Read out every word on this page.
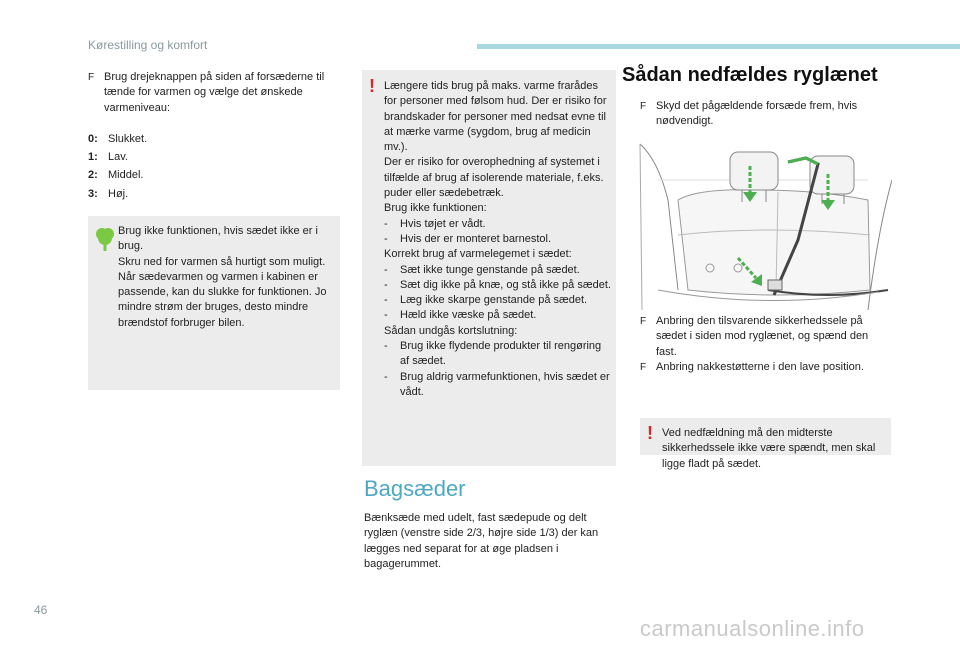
Kørestilling og komfort
F Brug drejeknappen på siden af forsæderne til tænde for varmen og vælge det ønskede varmeniveau:
0: Slukket.
1: Lav.
2: Middel.
3: Høj.
Brug ikke funktionen, hvis sædet ikke er i brug.
Skru ned for varmen så hurtigt som muligt.
Når sædevarmen og varmen i kabinen er passende, kan du slukke for funktionen. Jo mindre strøm der bruges, desto mindre brændstof forbruger bilen.
! Længere tids brug på maks. varme frarådes for personer med følsom hud. Der er risiko for brandskader for personer med nedsat evne til at mærke varme (sygdom, brug af medicin mv.).
Der er risiko for overophedning af systemet i tilfælde af brug af isolerende materiale, f.eks. puder eller sædebetræk.
Brug ikke funktionen:
-	Hvis tøjet er vådt.
-	Hvis der er monteret barnestol.
Korrekt brug af varmelegemet i sædet:
-	Sæt ikke tunge genstande på sædet.
-	Sæt dig ikke på knæ, og stå ikke på sædet.
-	Læg ikke skarpe genstande på sædet.
-	Hæld ikke væske på sædet.
Sådan undgås kortslutning:
-	Brug ikke flydende produkter til rengøring af sædet.
-	Brug aldrig varmefunktionen, hvis sædet er vådt.
Bagsæder
Bænksæde med udelt, fast sædepude og delt ryglæn (venstre side 2/3, højre side 1/3) der kan lægges ned separat for at øge pladsen i bagagerummet.
Sådan nedfældes ryglænet
F Skyd det pågældende forsæde frem, hvis nødvendigt.
F Anbring den tilsvarende sikkerhedssele på sædet i siden mod ryglænet, og spænd den fast.
F Anbring nakkestøtterne i den lave position.
! Ved nedfældning må den midterste sikkerhedssele ikke være spændt, men skal ligge fladt på sædet.
46
carmanualsonline.info
